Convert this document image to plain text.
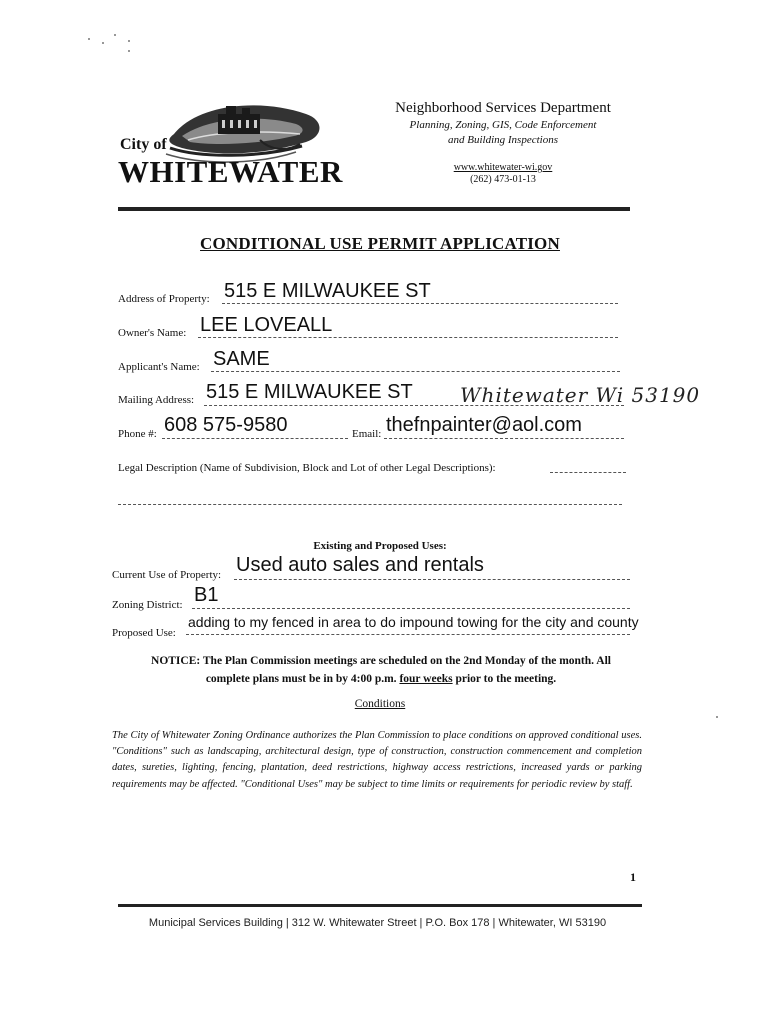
City of
WHITEWATER
Neighborhood Services Department
Planning, Zoning, GIS, Code Enforcement
and Building Inspections
www.whitewater-wi.gov
(262) 473-01-13
CONDITIONAL USE PERMIT APPLICATION
Address of Property: 515 E MILWAUKEE ST
Owner's Name: LEE LOVEALL
Applicant's Name: SAME
Mailing Address: 515 E MILWAUKEE ST Whitewater Wi 53190
Phone #: 608 575-9580	Email: thefnpainter@aol.com
Legal Description (Name of Subdivision, Block and Lot of other Legal Descriptions):
Existing and Proposed Uses:
Current Use of Property: Used auto sales and rentals
Zoning District: B1
Proposed Use:
adding to my fenced in area to do impound towing for the city and county
NOTICE: The Plan Commission meetings are scheduled on the 2nd Monday of the month. All
complete plans must be in by 4:00 p.m. four weeks prior to the meeting.
Conditions
The City of Whitewater Zoning Ordinance authorizes the Plan Commission to place conditions on approved conditional uses. "Conditions" such as landscaping, architectural design, type of construction, construction commencement and completion dates, sureties, lighting, fencing, plantation, deed restrictions, highway access restrictions, increased yards or parking requirements may be affected. "Conditional Uses" may be subject to time limits or requirements for periodic review by staff.
1
Municipal Services Building | 312 W. Whitewater Street | P.O. Box 178 | Whitewater, WI 53190
